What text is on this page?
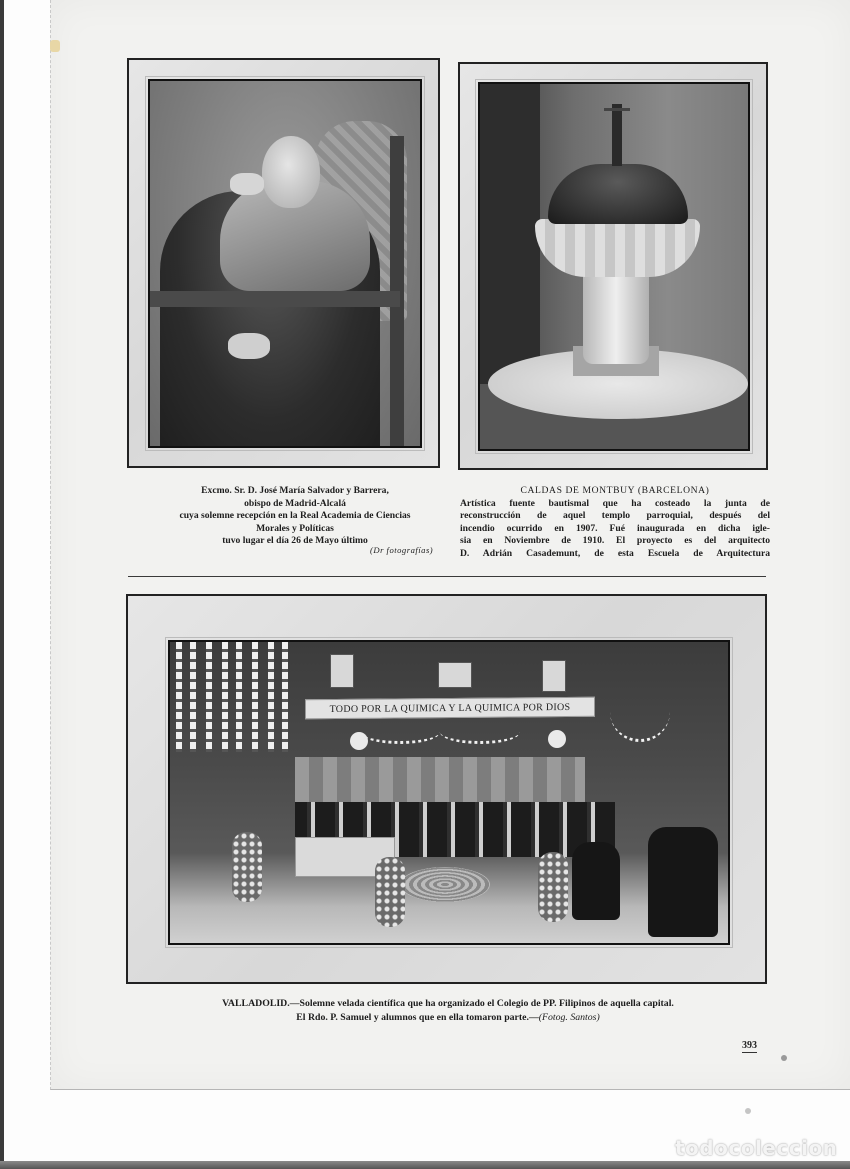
Excmo. Sr. D. José María Salvador y Barrera,
obispo de Madrid-Alcalá
cuya solemne recepción en la Real Academia de Ciencias
Morales y Políticas
tuvo lugar el día 26 de Mayo último
(Dr fotografías)
CALDAS DE MONTBUY (BARCELONA)
Artística fuente bautismal que ha costeado la junta de
reconstrucción de aquel templo parroquial, después del
incendio ocurrido en 1907. Fué inaugurada en dicha igle-
sia en Noviembre de 1910. El proyecto es del arquitecto
D. Adrián Casademunt, de esta Escuela de Arquitectura
TODO POR LA QUIMICA Y LA QUIMICA POR DIOS
VALLADOLID.—Solemne velada científica que ha organizado el Colegio de PP. Filipinos de aquella capital.
El Rdo. P. Samuel y alumnos que en ella tomaron parte.—(Fotog. Santos)
393
todocoleccion
